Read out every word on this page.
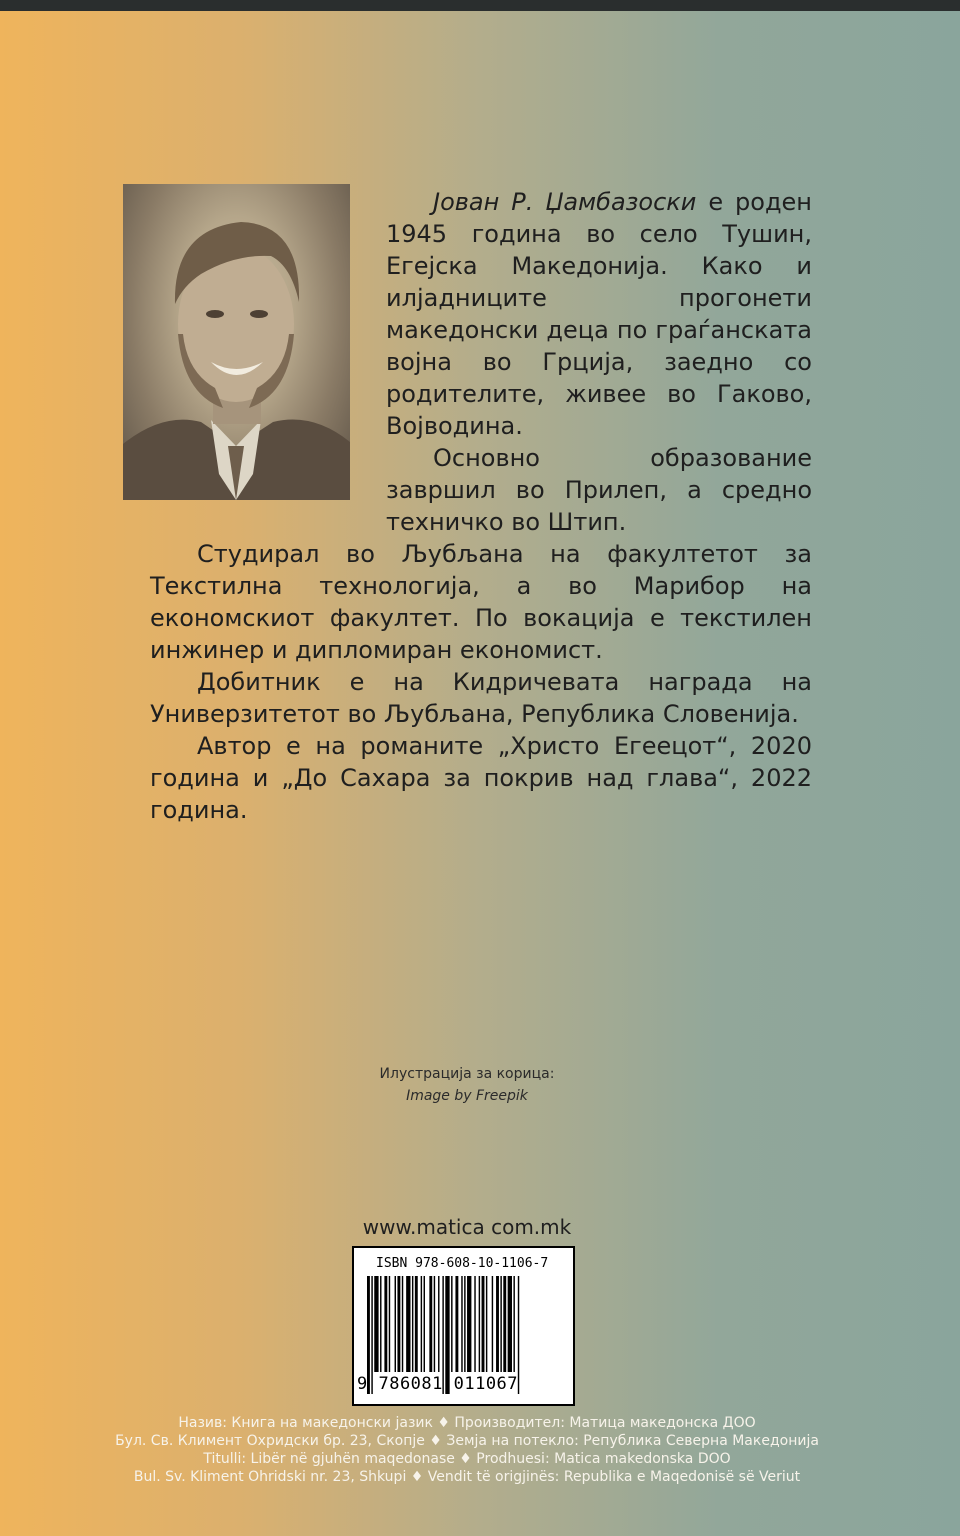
Јован Р. Џамбазоски е роден 1945 година во село Тушин, Егејска Македонија. Како и илјадниците прогонети македонски деца по граѓанската војна во Грција, заедно со родителите, живее во Гаково, Војводина.

Основно образование завршил во Прилеп, а средно техничко во Штип.

Студирал во Љубљана на факултетот за Текстилна технологија, а во Марибор на економскиот факултет. По вокација е текстилен инжинер и дипломиран економист.

Добитник е на Кидричевата награда на Универзитетот во Љубљана, Република Словенија.

Автор е на романите „Христо Егеецот“, 2020 година и „До Сахара за покрив над глава“, 2022 година.

Илустрација за корица:
Image by Freepik
www.matica com.mk
ISBN 978-608-10-1106-7
9 786081 011067
Назив: Книга на македонски јазик ♦ Производител: Матица македонска ДОО
Бул. Св. Климент Охридски бр. 23, Скопје ♦ Земја на потекло: Република Северна Македонија
Titulli: Libër në gjuhën maqedonase ♦ Prodhuesi: Matica makedonska DOO
Bul. Sv. Kliment Ohridski nr. 23, Shkupi ♦ Vendit të origjinës: Republika e Maqedonisë së Veriut
